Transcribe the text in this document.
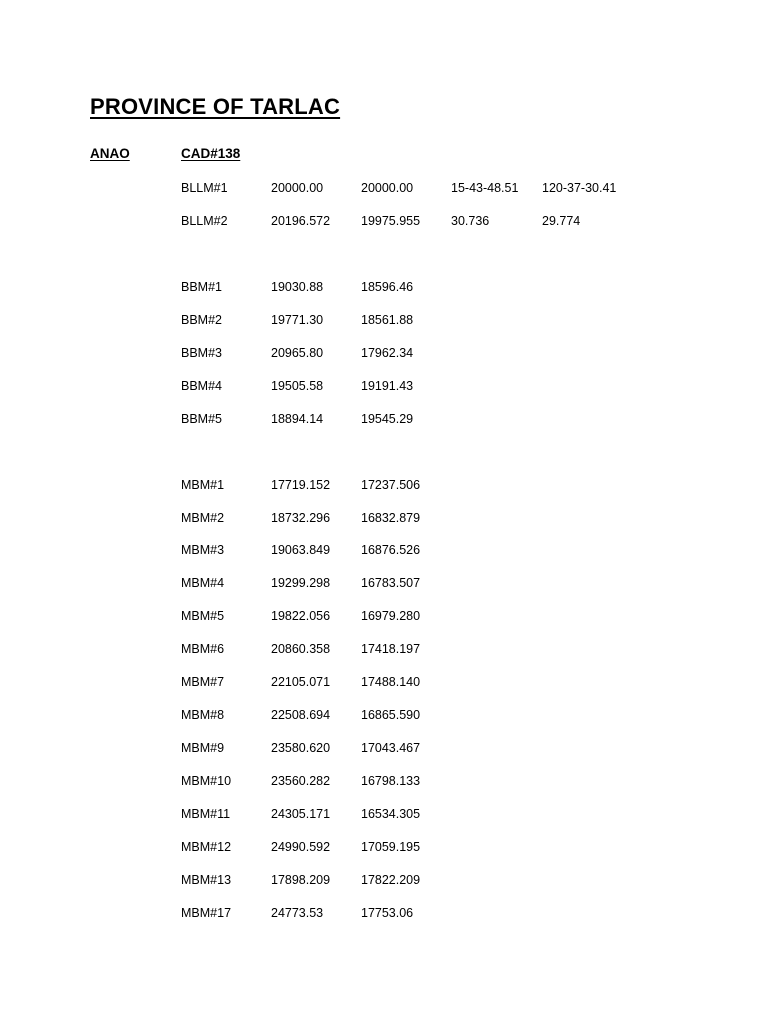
PROVINCE OF TARLAC
ANAO	CAD#138
BLLM#1	20000.00	20000.00	15-43-48.51 120-37-30.41
BLLM#2	20196.572 19975.955 30.736	29.774
BBM#1	19030.88	18596.46
BBM#2	19771.30	18561.88
BBM#3	20965.80	17962.34
BBM#4	19505.58	19191.43
BBM#5	18894.14	19545.29
MBM#1	17719.152 17237.506
MBM#2	18732.296 16832.879
MBM#3	19063.849 16876.526
MBM#4	19299.298 16783.507
MBM#5	19822.056 16979.280
MBM#6	20860.358 17418.197
MBM#7	22105.071 17488.140
MBM#8	22508.694 16865.590
MBM#9	23580.620 17043.467
MBM#10	23560.282 16798.133
MBM#11	24305.171 16534.305
MBM#12	24990.592 17059.195
MBM#13	17898.209 17822.209
MBM#17	24773.53	17753.06
